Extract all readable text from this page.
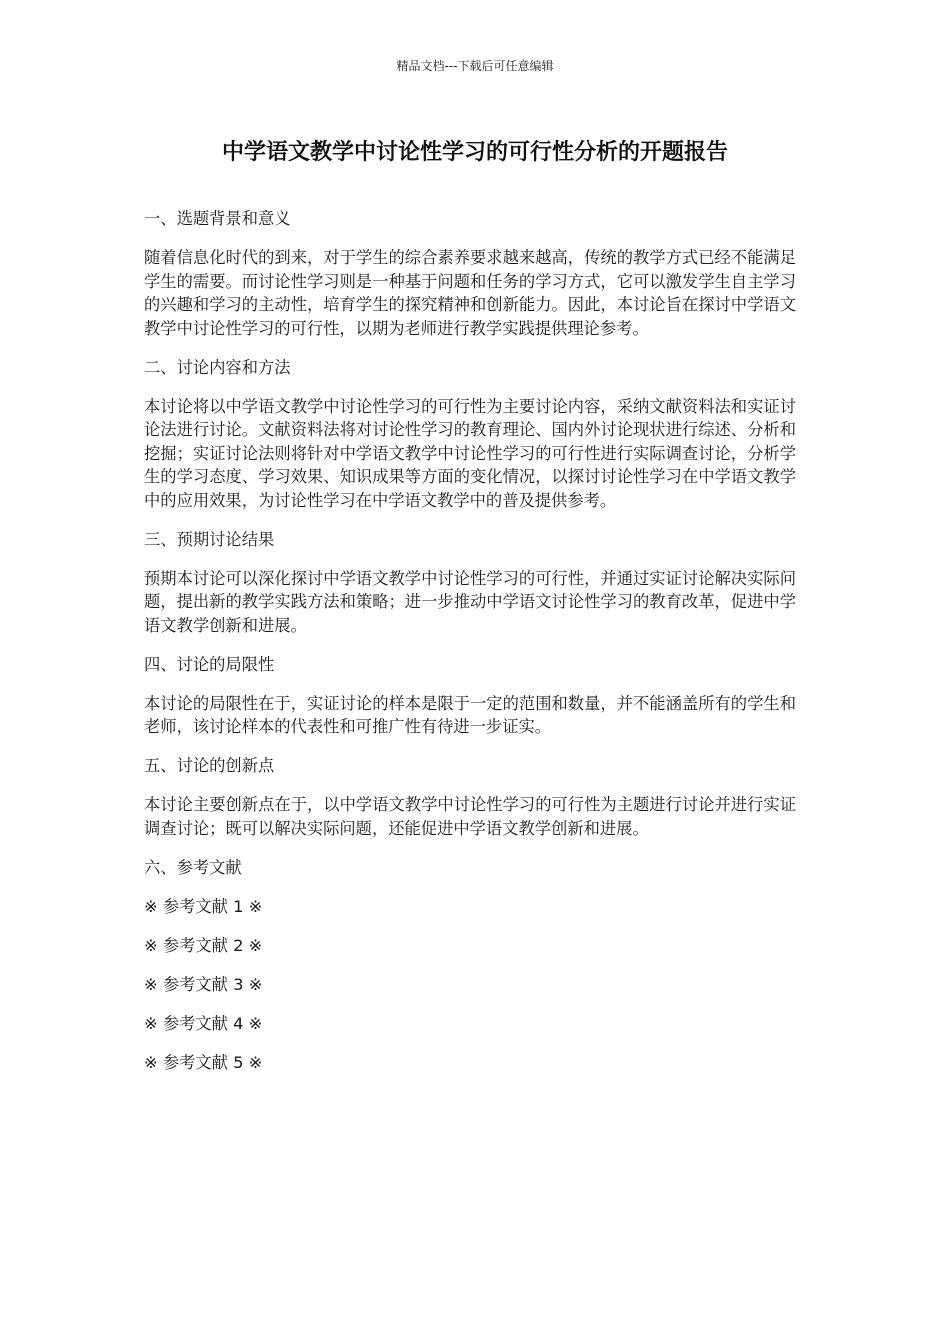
精品文档---下载后可任意编辑
中学语文教学中讨论性学习的可行性分析的开题报告
一、选题背景和意义

随着信息化时代的到来，对于学生的综合素养要求越来越高，传统的教学方式已经不能满足学生的需要。而讨论性学习则是一种基于问题和任务的学习方式，它可以激发学生自主学习的兴趣和学习的主动性，培育学生的探究精神和创新能力。因此，本讨论旨在探讨中学语文教学中讨论性学习的可行性，以期为老师进行教学实践提供理论参考。

二、讨论内容和方法

本讨论将以中学语文教学中讨论性学习的可行性为主要讨论内容，采纳文献资料法和实证讨论法进行讨论。文献资料法将对讨论性学习的教育理论、国内外讨论现状进行综述、分析和挖掘；实证讨论法则将针对中学语文教学中讨论性学习的可行性进行实际调查讨论，分析学生的学习态度、学习效果、知识成果等方面的变化情况，以探讨讨论性学习在中学语文教学中的应用效果，为讨论性学习在中学语文教学中的普及提供参考。

三、预期讨论结果

预期本讨论可以深化探讨中学语文教学中讨论性学习的可行性，并通过实证讨论解决实际问题，提出新的教学实践方法和策略；进一步推动中学语文讨论性学习的教育改革，促进中学语文教学创新和进展。

四、讨论的局限性

本讨论的局限性在于，实证讨论的样本是限于一定的范围和数量，并不能涵盖所有的学生和老师，该讨论样本的代表性和可推广性有待进一步证实。

五、讨论的创新点

本讨论主要创新点在于，以中学语文教学中讨论性学习的可行性为主题进行讨论并进行实证调查讨论；既可以解决实际问题，还能促进中学语文教学创新和进展。

六、参考文献
※ 参考文献 1 ※
※ 参考文献 2 ※
※ 参考文献 3 ※
※ 参考文献 4 ※
※ 参考文献 5 ※
